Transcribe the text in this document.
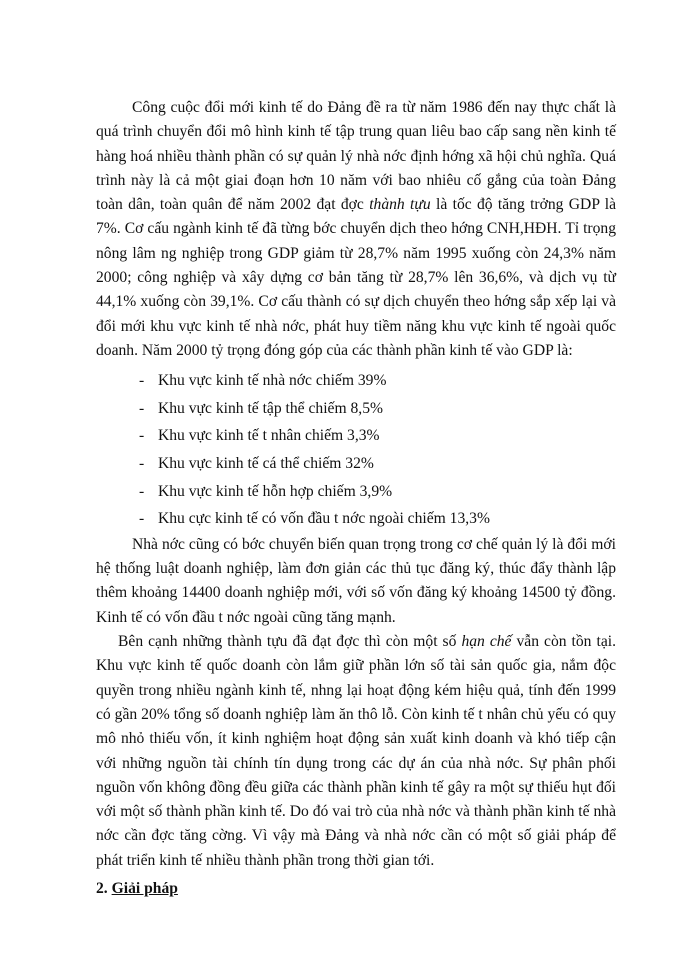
Công cuộc đổi mới kinh tế do Đảng đề ra từ năm 1986 đến nay thực chất là quá trình chuyển đổi mô hình kinh tế tập trung quan liêu bao cấp sang nền kinh tế hàng hoá nhiều thành phần có sự quản lý nhà nớc định hớng xã hội chủ nghĩa. Quá trình này là cả một giai đoạn hơn 10 năm với bao nhiêu cố gắng của toàn Đảng toàn dân, toàn quân để năm 2002 đạt đợc thành tựu là tốc độ tăng trởng GDP là 7%. Cơ cấu ngành kinh tế đã từng bớc chuyển dịch theo hớng CNH,HĐH. Tỉ trọng nông lâm ng nghiệp trong GDP giảm từ 28,7% năm 1995 xuống còn 24,3% năm 2000; công nghiệp và xây dựng cơ bản tăng từ 28,7% lên 36,6%, và dịch vụ từ 44,1% xuống còn 39,1%. Cơ cấu thành có sự dịch chuyển theo hớng sắp xếp lại và đổi mới khu vực kinh tế nhà nớc, phát huy tiềm năng khu vực kinh tế ngoài quốc doanh. Năm 2000 tỷ trọng đóng góp của các thành phần kinh tế vào GDP là:

- Khu vực kinh tế nhà nớc chiếm 39%
- Khu vực kinh tế tập thể chiếm 8,5%
- Khu vực kinh tế t nhân chiếm 3,3%
- Khu vực kinh tế cá thể chiếm 32%
- Khu vực kinh tế hỗn hợp chiếm 3,9%
- Khu cực kinh tế có vốn đầu t nớc ngoài chiếm 13,3%

Nhà nớc cũng có bớc chuyển biến quan trọng trong cơ chế quản lý là đổi mới hệ thống luật doanh nghiệp, làm đơn giản các thủ tục đăng ký, thúc đẩy thành lập thêm khoảng 14400 doanh nghiệp mới, với số vốn đăng ký khoảng 14500 tỷ đồng. Kinh tế có vốn đầu t nớc ngoài cũng tăng mạnh.

Bên cạnh những thành tựu đã đạt đợc thì còn một số hạn chế vẫn còn tồn tại. Khu vực kinh tế quốc doanh còn lắm giữ phần lớn số tài sản quốc gia, nắm độc quyền trong nhiều ngành kinh tế, nhng lại hoạt động kém hiệu quả, tính đến 1999 có gần 20% tổng số doanh nghiệp làm ăn thô lỗ. Còn kinh tế t nhân chủ yếu có quy mô nhỏ thiếu vốn, ít kinh nghiệm hoạt động sản xuất kinh doanh và khó tiếp cận với những nguồn tài chính tín dụng trong các dự án của nhà nớc. Sự phân phối nguồn vốn không đồng đều giữa các thành phần kinh tế gây ra một sự thiếu hụt đối với một số thành phần kinh tế. Do đó vai trò của nhà nớc và thành phần kinh tế nhà nớc cần đợc tăng cờng. Vì vậy mà Đảng và nhà nớc cần có một số giải pháp để phát triển kinh tế nhiều thành phần trong thời gian tới.

2. Giải pháp
